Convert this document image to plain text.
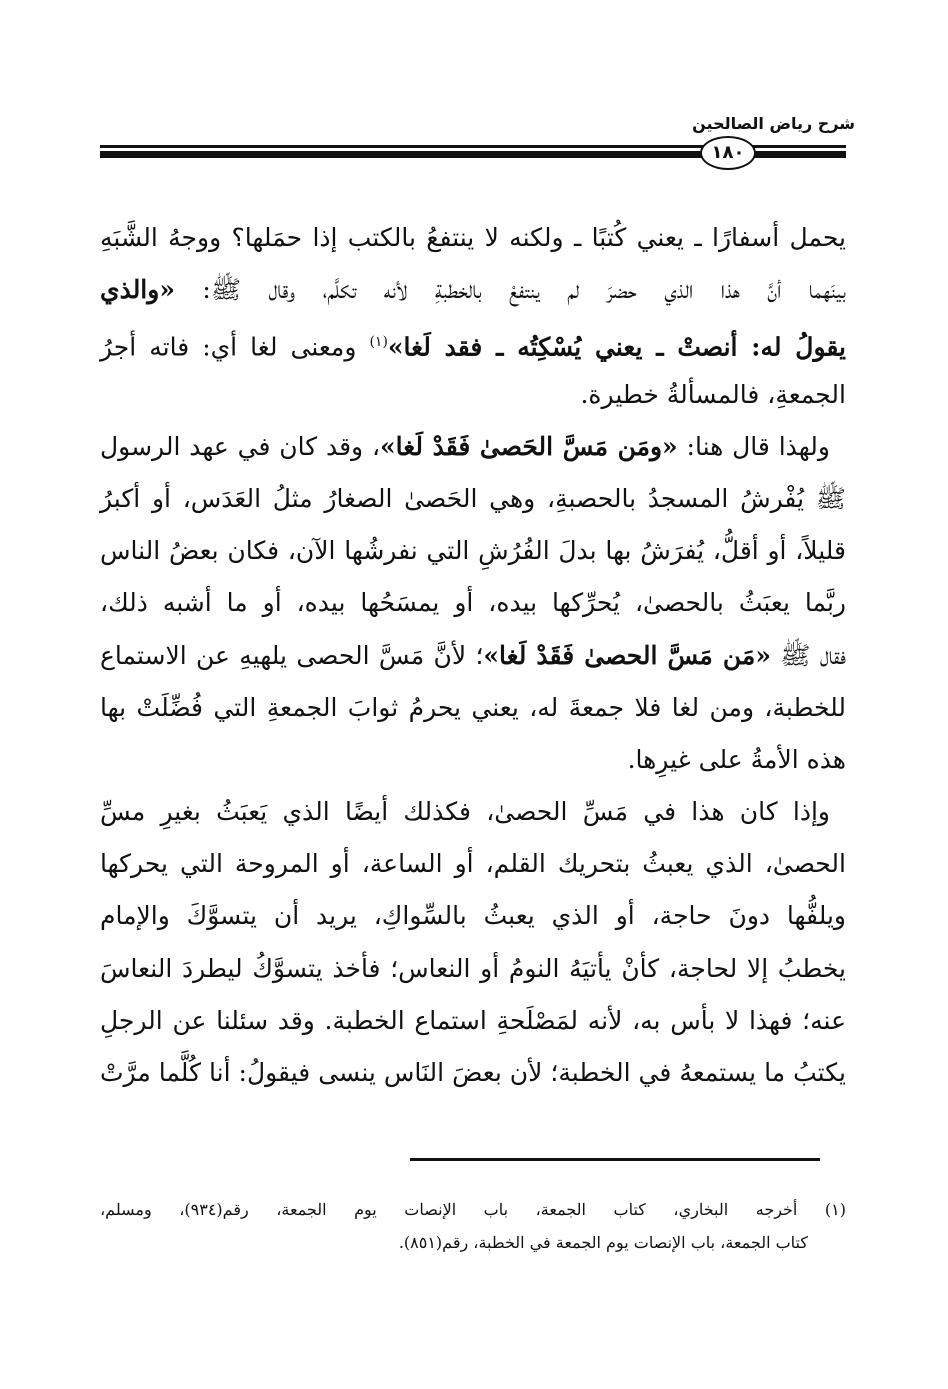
شرح رياض الصالحين
١٨٠
يحمل أسفارًا ـ يعني كُتبًا ـ ولكنه لا ينتفعُ بالكتب إذا حمَلها؟ ووجهُ الشَّبَهِ
بينَهما أنَّ هذا الذي حضرَ لم ينتفعْ بالخطبةِ لأنه تكلَّم، وقال ﷺ: «والذي
يقولُ له: أنصتْ ـ يعني يُسْكِتُه ـ فقد لَغا»$^{(١)}$ ومعنى لغا أي: فاته أجرُ
الجمعةِ، فالمسألةُ خطيرة.
ولهذا قال هنا: «ومَن مَسَّ الحَصىٰ فَقَدْ لَغا»، وقد كان في عهد الرسول
ﷺ يُفْرشُ المسجدُ بالحصبةِ، وهي الحَصىٰ الصغارُ مثلُ العَدَس، أو أكبرُ
قليلاً، أو أقلُّ، يُفرَشُ بها بدلَ الفُرُشِ التي نفرشُها الآن، فكان بعضُ الناس
ربَّما يعبَثُ بالحصىٰ، يُحرِّكها بيده، أو يمسَحُها بيده، أو ما أشبه ذلك،
فقال ﷺ «مَن مَسَّ الحصىٰ فَقَدْ لَغا»؛ لأنَّ مَسَّ الحصى يلهيهِ عن الاستماع
للخطبة، ومن لغا فلا جمعةَ له، يعني يحرمُ ثوابَ الجمعةِ التي فُضِّلَتْ بها
هذه الأمةُ على غيرِها.
وإذا كان هذا في مَسِّ الحصىٰ، فكذلك أيضًا الذي يَعبَثُ بغيرِ مسِّ
الحصىٰ، الذي يعبثُ بتحريك القلم، أو الساعة، أو المروحة التي يحركها
ويلفُّها دونَ حاجة، أو الذي يعبثُ بالسِّواكِ، يريد أن يتسوَّكَ والإمام
يخطبُ إلا لحاجة، كأنْ يأتيَهُ النومُ أو النعاس؛ فأخذ يتسوَّكُ ليطردَ النعاسَ
عنه؛ فهذا لا بأس به، لأنه لمَصْلَحةِ استماع الخطبة. وقد سئلنا عن الرجلِ
يكتبُ ما يستمعهُ في الخطبة؛ لأن بعضَ النَاس ينسى فيقولُ: أنا كُلَّما مرَّتْ
(١) أخرجه البخاري، كتاب الجمعة، باب الإنصات يوم الجمعة، رقم(٩٣٤)، ومسلم،
كتاب الجمعة، باب الإنصات يوم الجمعة في الخطبة، رقم(٨٥١).
